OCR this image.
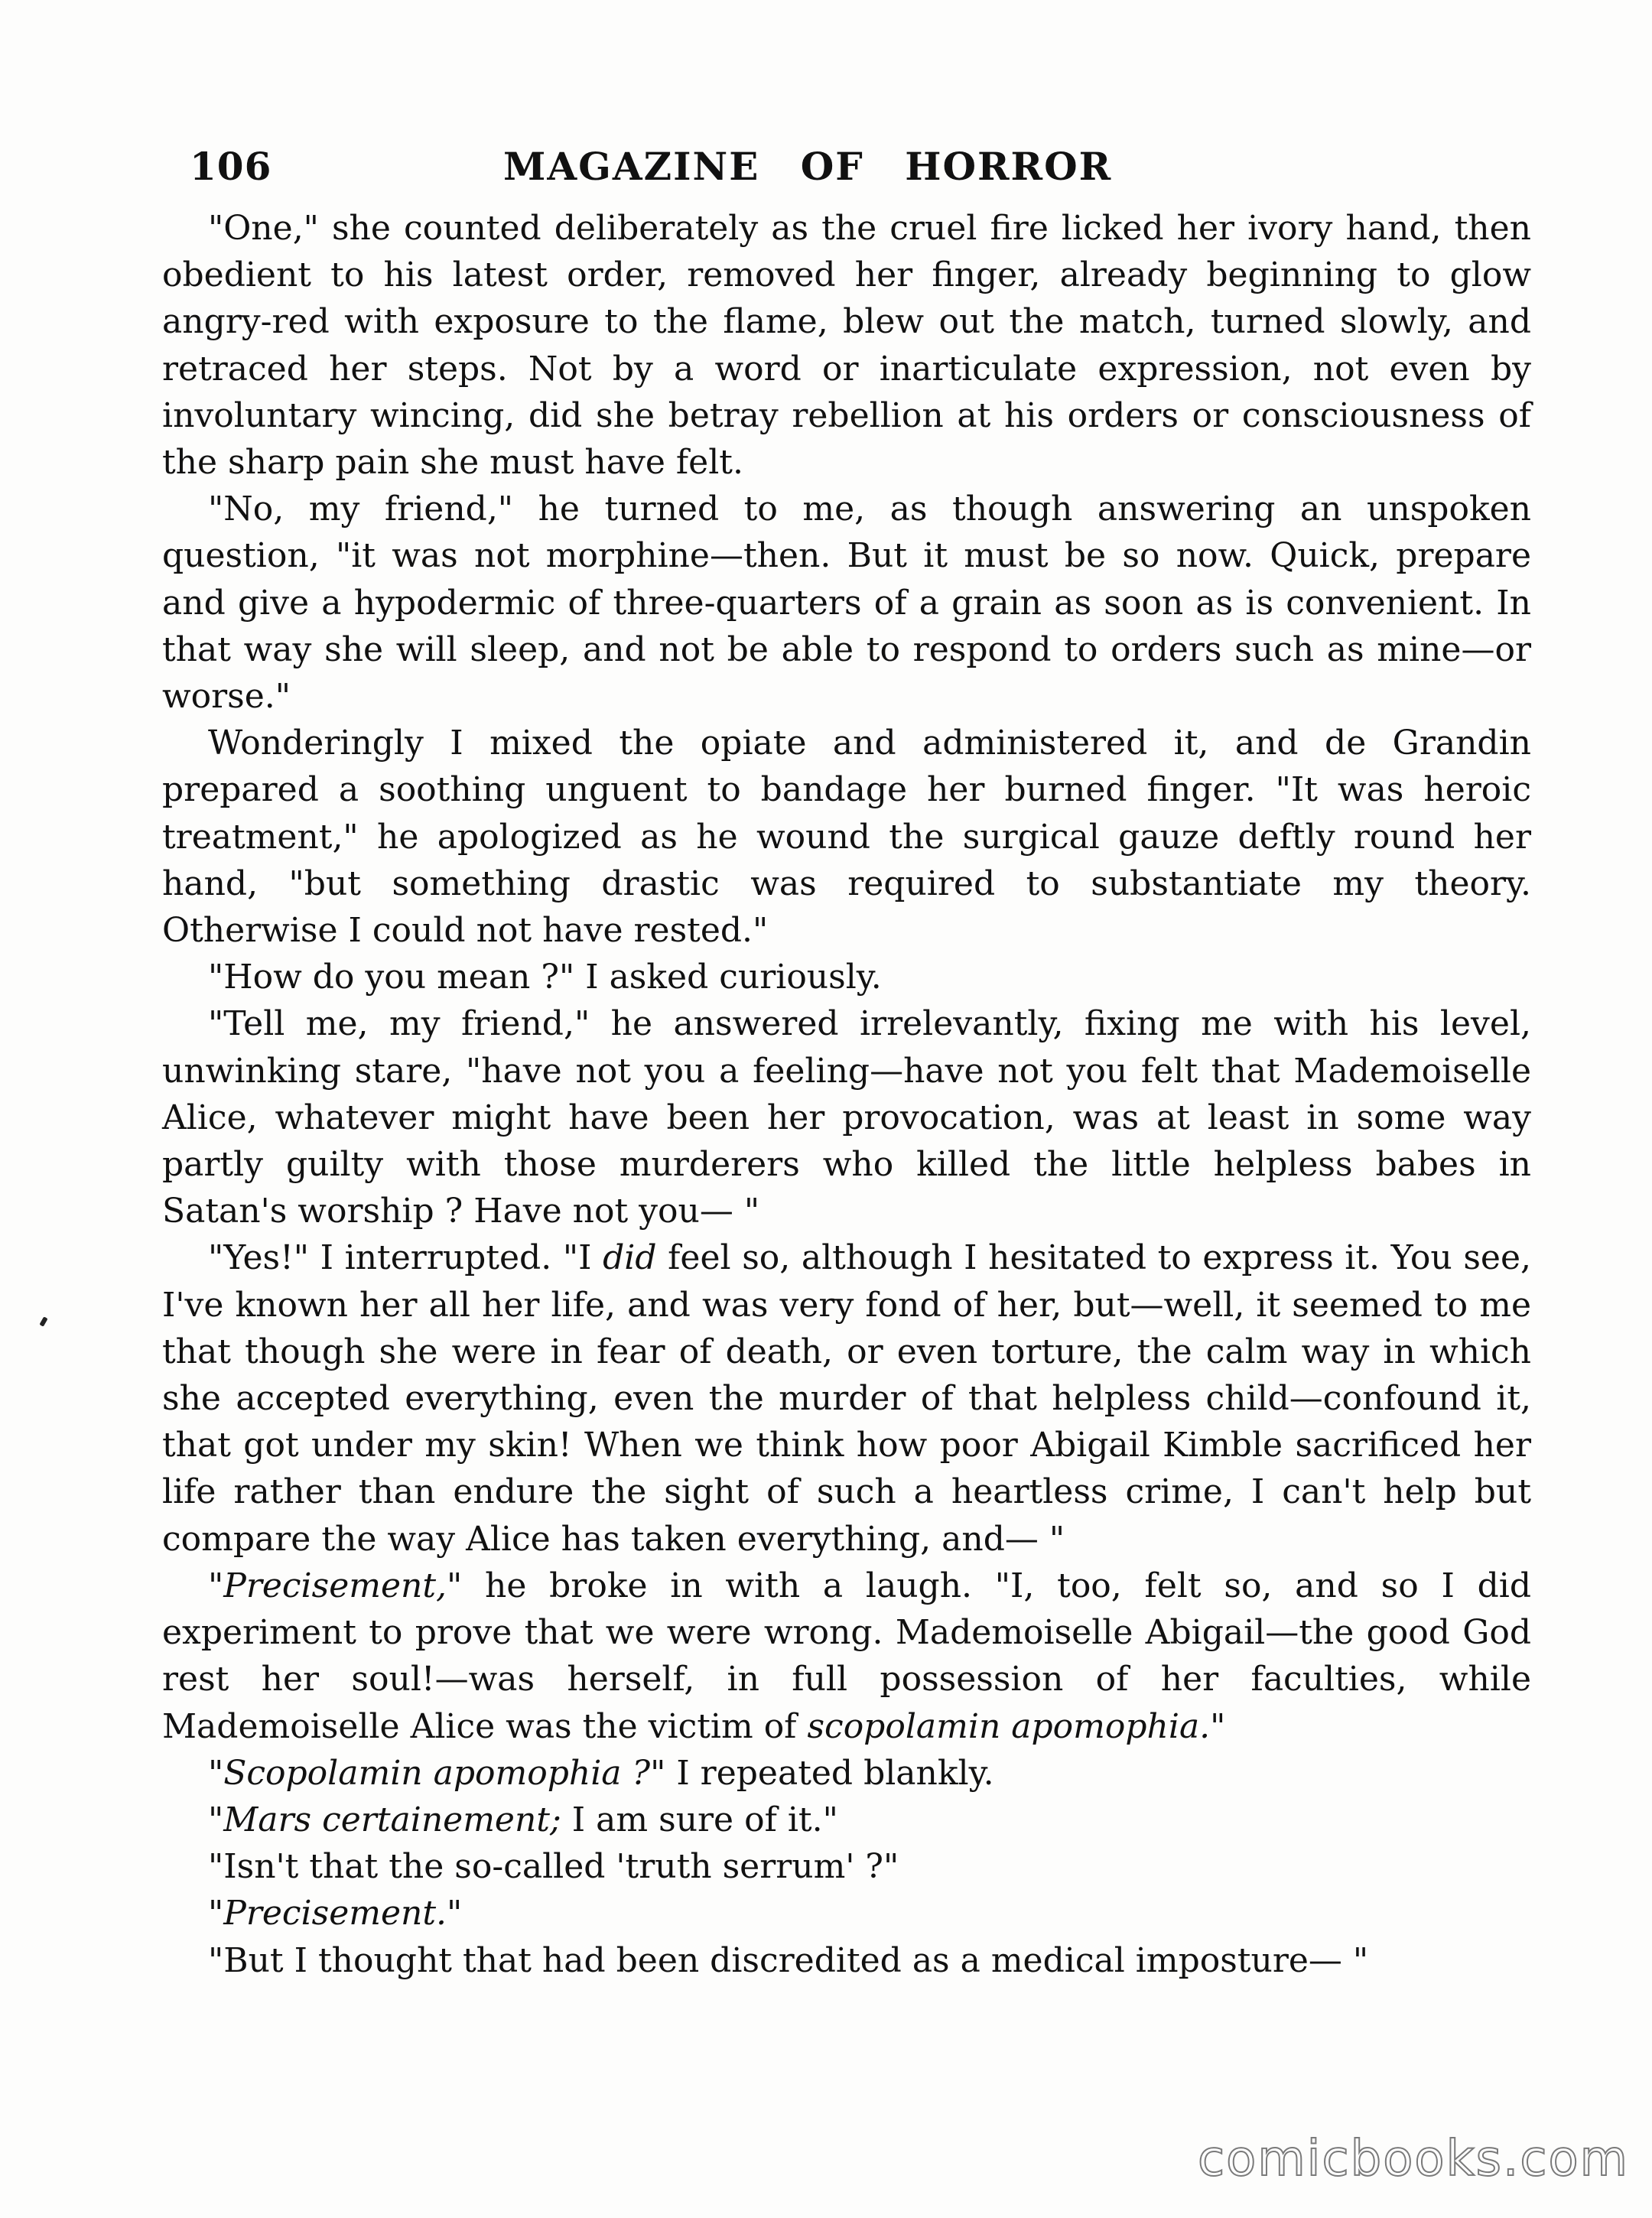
106	MAGAZINE OF HORROR

"One," she counted deliberately as the cruel fire licked her ivory hand, then obedient to his latest order, removed her finger, already beginning to glow angry-red with exposure to the flame, blew out the match, turned slowly, and retraced her steps. Not by a word or inarticulate expression, not even by involuntary wincing, did she betray rebellion at his orders or consciousness of the sharp pain she must have felt.

"No, my friend," he turned to me, as though answering an unspoken question, "it was not morphine—then. But it must be so now. Quick, prepare and give a hypodermic of three-quarters of a grain as soon as is convenient. In that way she will sleep, and not be able to respond to orders such as mine—or worse."

Wonderingly I mixed the opiate and administered it, and de Grandin prepared a soothing unguent to bandage her burned finger. "It was heroic treatment," he apologized as he wound the surgical gauze deftly round her hand, "but something drastic was required to substantiate my theory. Otherwise I could not have rested."

"How do you mean ?" I asked curiously.

"Tell me, my friend," he answered irrelevantly, fixing me with his level, unwinking stare, "have not you a feeling—have not you felt that Mademoiselle Alice, whatever might have been her provocation, was at least in some way partly guilty with those murderers who killed the little helpless babes in Satan's worship ? Have not you— "

"Yes!" I interrupted. "I did feel so, although I hesitated to express it. You see, I've known her all her life, and was very fond of her, but—well, it seemed to me that though she were in fear of death, or even torture, the calm way in which she accepted everything, even the murder of that helpless child—confound it, that got under my skin! When we think how poor Abigail Kimble sacrificed her life rather than endure the sight of such a heartless crime, I can't help but compare the way Alice has taken everything, and— "

"Precisement," he broke in with a laugh. "I, too, felt so, and so I did experiment to prove that we were wrong. Mademoiselle Abigail—the good God rest her soul!—was herself, in full possession of her faculties, while Mademoiselle Alice was the victim of scopolamin apomophia."

"Scopolamin apomophia ?" I repeated blankly.

"Mars certainement; I am sure of it."

"Isn't that the so-called 'truth serrum' ?"

"Precisement."

"But I thought that had been discredited as a medical imposture— "

comicbooks.com
